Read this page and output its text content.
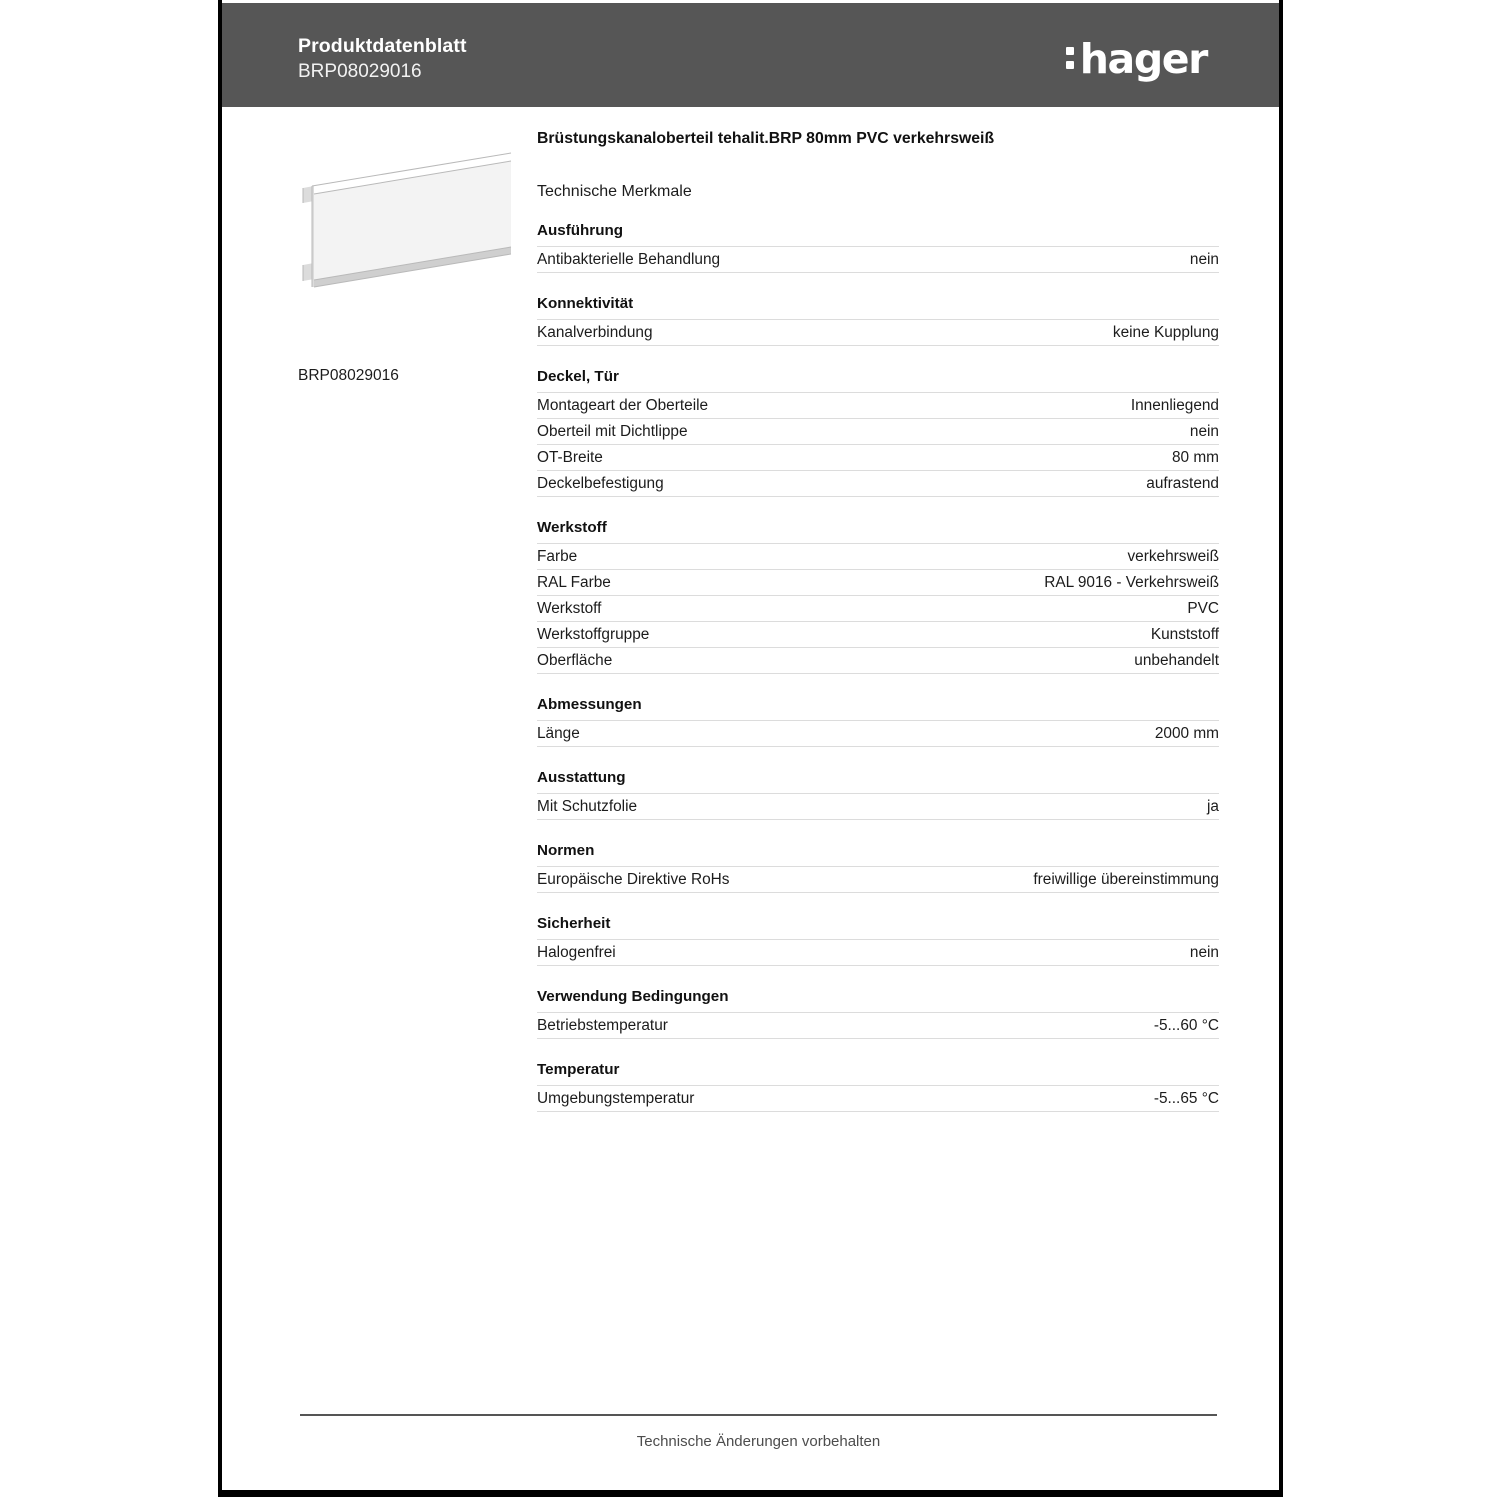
Produktdatenblatt
BRP08029016	hager
BRP08029016
Brüstungskanaloberteil tehalit.BRP 80mm PVC verkehrsweiß
Technische Merkmale
Ausführung
Antibakterielle Behandlung	nein
Konnektivität
Kanalverbindung	keine Kupplung
Deckel, Tür
Montageart der Oberteile	Innenliegend
Oberteil mit Dichtlippe	nein
OT-Breite	80 mm
Deckelbefestigung	aufrastend
Werkstoff
Farbe	verkehrsweiß
RAL Farbe	RAL 9016 - Verkehrsweiß
Werkstoff	PVC
Werkstoffgruppe	Kunststoff
Oberfläche	unbehandelt
Abmessungen
Länge	2000 mm
Ausstattung
Mit Schutzfolie	ja
Normen
Europäische Direktive RoHs	freiwillige übereinstimmung
Sicherheit
Halogenfrei	nein
Verwendung Bedingungen
Betriebstemperatur	-5...60 °C
Temperatur
Umgebungstemperatur	-5...65 °C
Technische Änderungen vorbehalten
